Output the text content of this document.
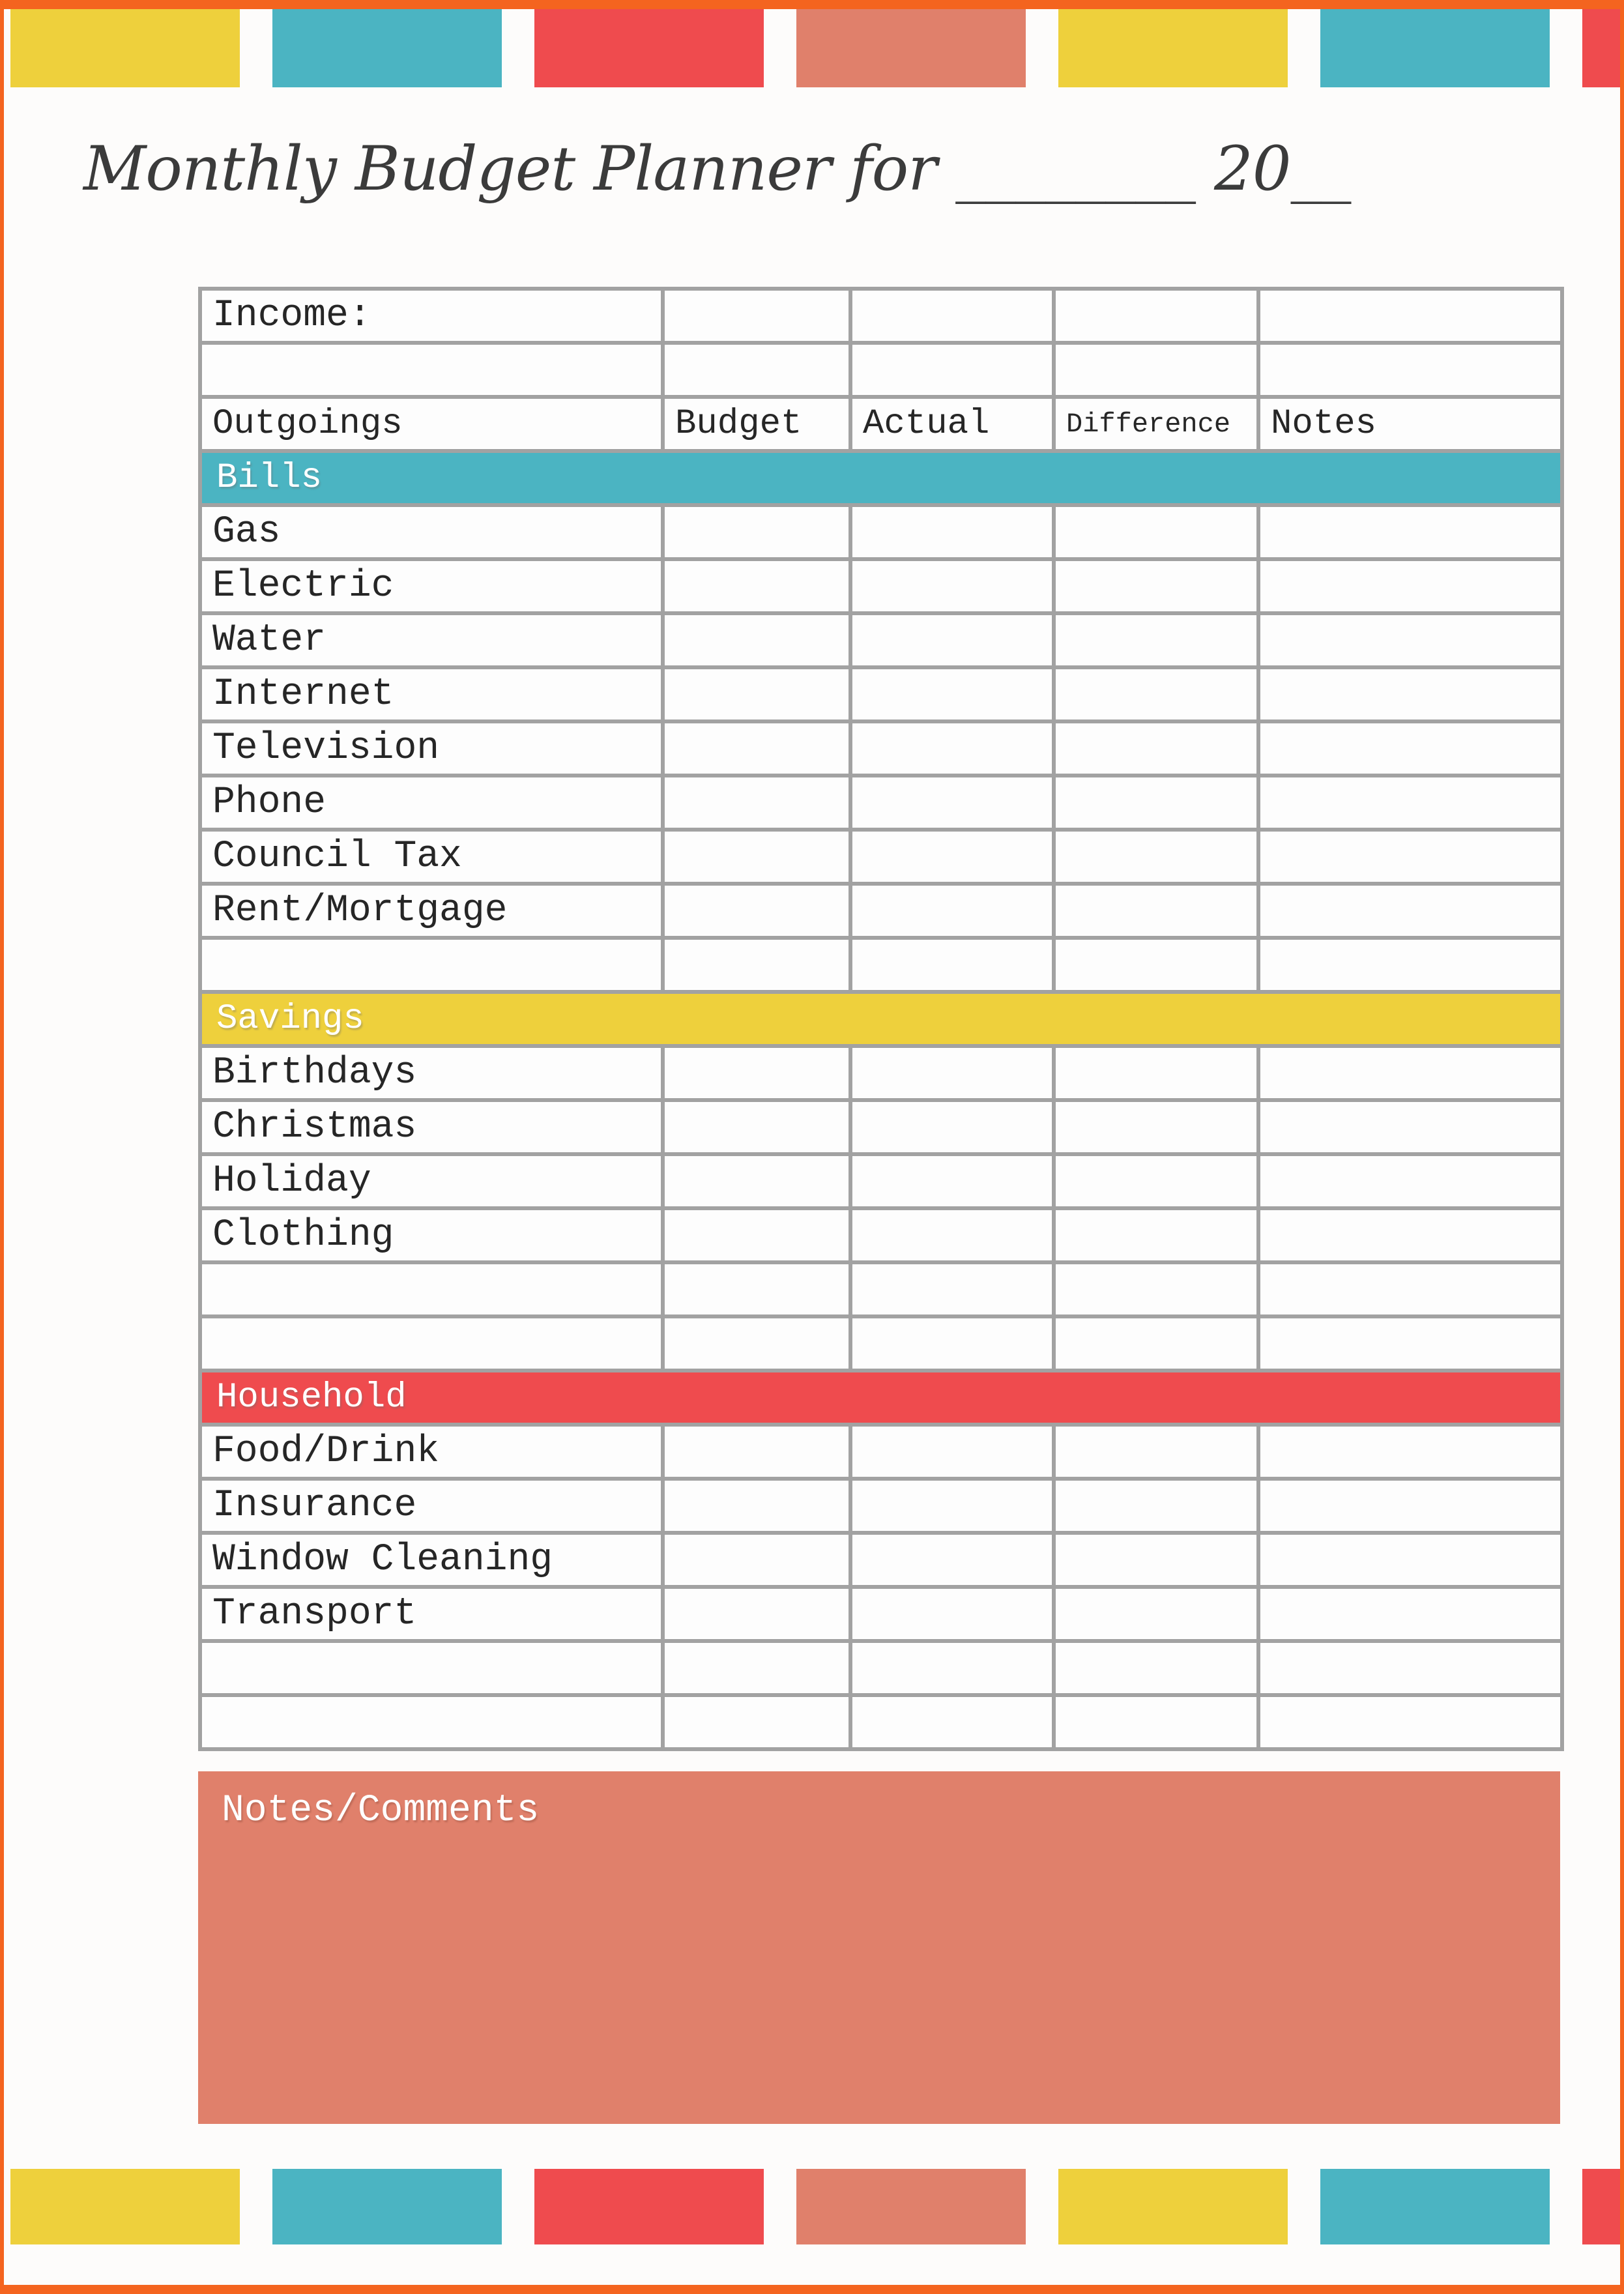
Monthly Budget Planner for ________ 20__
Income:				

Outgoings	Budget	Actual	Difference	Notes
Bills				
Gas				
Electric				
Water				
Internet				
Television				
Phone				
Council Tax				
Rent/Mortgage				

Savings				
Birthdays				
Christmas				
Holiday				
Clothing				

Household				
Food/Drink				
Insurance				
Window Cleaning				
Transport				

Notes/Comments
